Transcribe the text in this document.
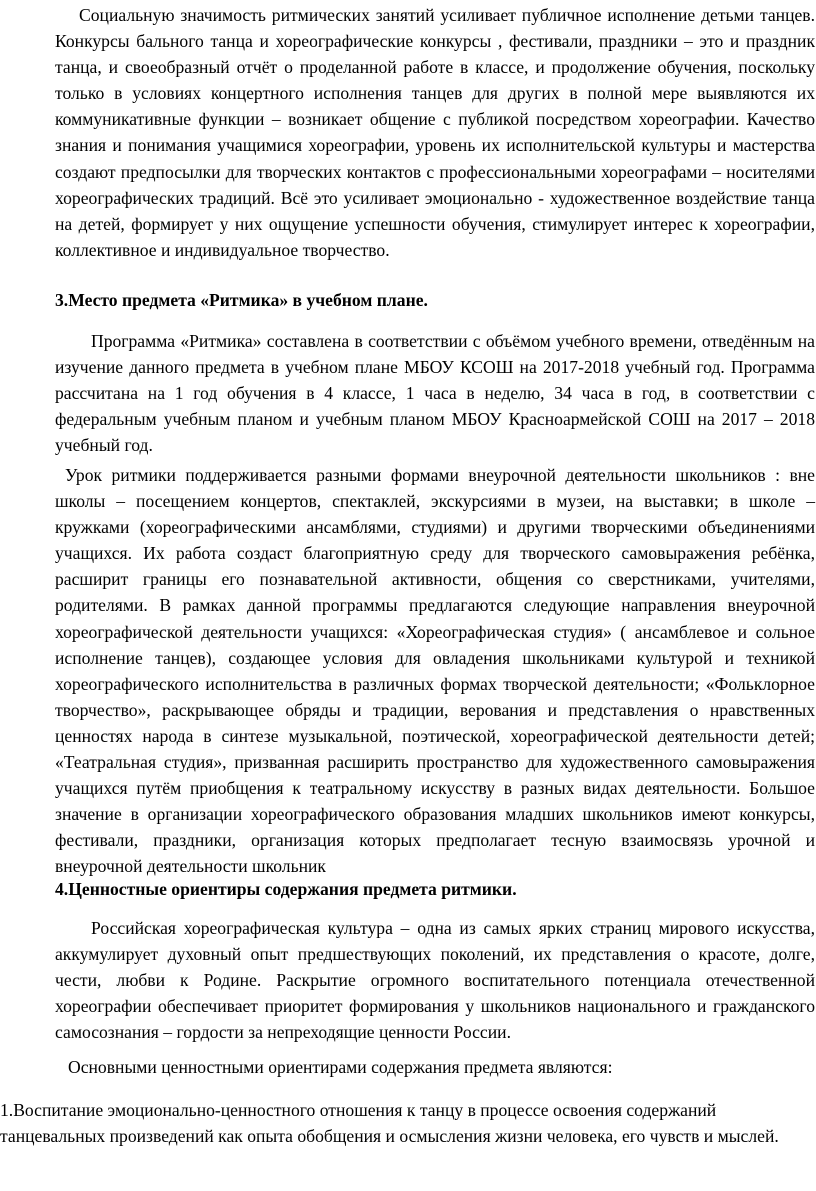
Социальную значимость ритмических занятий усиливает публичное исполнение детьми танцев. Конкурсы бального танца и хореографические конкурсы , фестивали, праздники – это и праздник танца, и своеобразный отчёт о проделанной работе в классе, и продолжение обучения, поскольку только в условиях концертного исполнения танцев для других в полной мере выявляются их коммуникативные функции – возникает общение с публикой посредством хореографии. Качество знания и понимания учащимися хореографии, уровень их исполнительской культуры и мастерства создают предпосылки для творческих контактов с профессиональными хореографами – носителями хореографических традиций. Всё это усиливает эмоционально - художественное воздействие танца на детей, формирует у них ощущение успешности обучения, стимулирует интерес к хореографии, коллективное и индивидуальное творчество.

3.Место предмета «Ритмика» в учебном плане.

Программа «Ритмика» составлена в соответствии с объёмом учебного времени, отведённым на изучение данного предмета в учебном плане МБОУ КСОШ на 2017-2018 учебный год. Программа рассчитана на 1 год обучения в 4 классе, 1 часа в неделю, 34 часа в год, в соответствии с федеральным учебным планом и учебным планом МБОУ Красноармейской СОШ на 2017 – 2018 учебный год.

Урок ритмики поддерживается разными формами внеурочной деятельности школьников : вне школы – посещением концертов, спектаклей, экскурсиями в музеи, на выставки; в школе – кружками (хореографическими ансамблями, студиями) и другими творческими объединениями учащихся. Их работа создаст благоприятную среду для творческого самовыражения ребёнка, расширит границы его познавательной активности, общения со сверстниками, учителями, родителями. В рамках данной программы предлагаются следующие направления внеурочной хореографической деятельности учащихся: «Хореографическая студия» ( ансамблевое и сольное исполнение танцев), создающее условия для овладения школьниками культурой и техникой хореографического исполнительства в различных формах творческой деятельности; «Фольклорное творчество», раскрывающее обряды и традиции, верования и представления о нравственных ценностях народа в синтезе музыкальной, поэтической, хореографической деятельности детей; «Театральная студия», призванная расширить пространство для художественного самовыражения учащихся путём приобщения к театральному искусству в разных видах деятельности. Большое значение в организации хореографического образования младших школьников имеют конкурсы, фестивали, праздники, организация которых предполагает тесную взаимосвязь урочной и внеурочной деятельности школьник

4.Ценностные ориентиры содержания предмета ритмики.

Российская хореографическая культура – одна из самых ярких страниц мирового искусства, аккумулирует духовный опыт предшествующих поколений, их представления о красоте, долге, чести, любви к Родине. Раскрытие огромного воспитательного потенциала отечественной хореографии обеспечивает приоритет формирования у школьников национального и гражданского самосознания – гордости за непреходящие ценности России.

Основными ценностными ориентирами содержания предмета являются:

1.Воспитание эмоционально-ценностного отношения к танцу в процессе освоения содержаний танцевальных произведений как опыта обобщения и осмысления жизни человека, его чувств и мыслей.
